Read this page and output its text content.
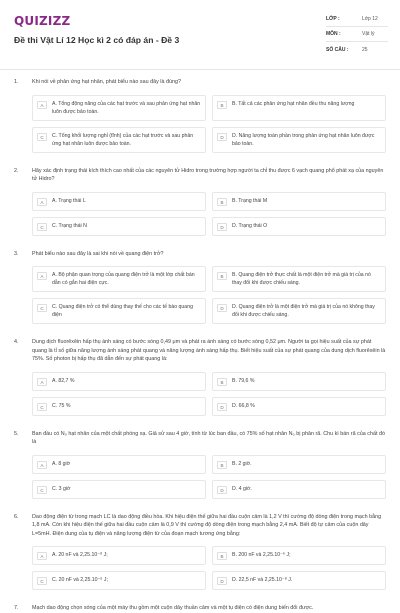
QUIZIZZ
Đề thi Vật Lí 12 Học kì 2 có đáp án - Đề 3
LỚP :	Lớp 12
MÔN :	Vật lý
SỐ CÂU :	25
1.	Khi nói về phản ứng hạt nhân, phát biểu nào sau đây là đúng?
A	A. Tổng động năng của các hạt trước và sau phản ứng hạt nhân luôn được bảo toàn.
B	B. Tất cả các phản ứng hạt nhân đều thu năng lượng
C	C. Tổng khối lượng nghỉ (tĩnh) của các hạt trước và sau phản ứng hạt nhân luôn được bảo toàn.
D	D. Năng lượng toàn phần trong phản ứng hạt nhân luôn được bảo toàn.
2.	Hãy xác định trạng thái kích thích cao nhất của các nguyên tử Hidro trong trường hợp người ta chỉ thu được 6 vạch quang phổ phát xạ của nguyên tử Hidro?
A	A. Trạng thái L	B	B. Trạng thái M
C	C. Trạng thái N	D	D. Trạng thái O
3.	Phát biểu nào sau đây là sai khi nói về quang điện trở?
A	A. Bộ phận quan trọng của quang điện trở là một lớp chất bán dẫn có gắn hai điện cực.
B	B. Quang điện trở thực chất là một điện trở mà giá trị của nó thay đổi khi được chiếu sáng.
C	C. Quang điện trở có thể dùng thay thế cho các tế bào quang điện
D	D. Quang điện trở là một điện trở mà giá trị của nó không thay đổi khi được chiếu sáng.
4.	Dung dịch fluorêxêin hấp thụ ánh sáng có bước sóng 0,49 μm và phát ra ánh sáng có bước sóng 0,52 μm. Người ta gọi hiệu suất của sự phát quang là tỉ số giữa năng lượng ánh sáng phát quang và năng lượng ánh sáng hấp thụ. Biết hiệu suất của sự phát quang của dung dịch fluorêxêin là 75%. Số photon bị hấp thụ đã dẫn đến sự phát quang là:
A	A. 82,7 %	B	B. 79,6 %
C	C. 75 %	D	D. 66,8 %
5.	Ban đầu có N₀ hạt nhân của một chất phóng xạ. Giả sử sau 4 giờ, tính từ lúc ban đầu, có 75% số hạt nhân N₀ bị phân rã. Chu kì bán rã của chất đó là
A	A. 8 giờ	B	B. 2 giờ.
C	C. 3 giờ	D	D. 4 giờ.
6.	Dao động điện từ trong mạch LC là dao động điều hòa. Khi hiệu điện thế giữa hai đầu cuộn cảm là 1,2 V thì cường độ dòng điện trong mạch bằng 1,8 mA. Còn khi hiệu điện thế giữa hai đầu cuộn cảm là 0,9 V thì cường độ dòng điện trong mạch bằng 2,4 mA. Biết độ tự cảm của cuộn dây L=5mH. Điện dung của tụ điện và năng lượng điện từ của đoạn mạch tương ứng bằng:
A	A. 20 nF và 2,25.10⁻⁸ J;	B	B. 200 nF và 2,25.10⁻⁶ J;
C	C. 20 nF và 2,25.10⁻⁶ J;	D	D. 22,5 nF và 2,25.10⁻⁸ J.
7.	Mạch dao động chọn sóng của một máy thu gồm một cuộn dây thuần cảm và một tụ điện có điện dung biến đổi được.
